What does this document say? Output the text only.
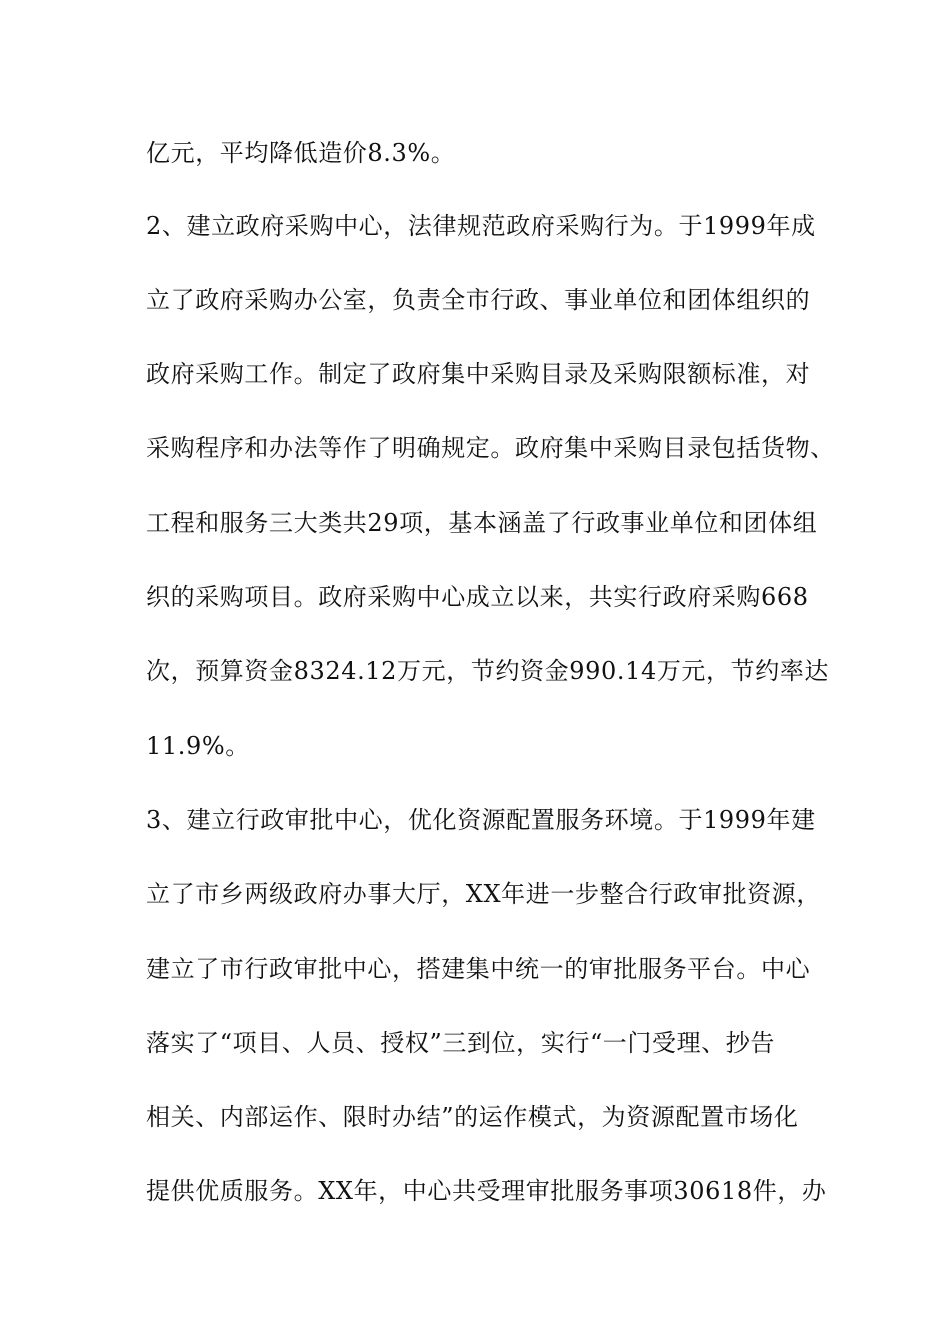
亿元，平均降低造价8.3%。
2、建立政府采购中心，法律规范政府采购行为。于1999年成
立了政府采购办公室，负责全市行政、事业单位和团体组织的
政府采购工作。制定了政府集中采购目录及采购限额标准，对
采购程序和办法等作了明确规定。政府集中采购目录包括货物、
工程和服务三大类共29项，基本涵盖了行政事业单位和团体组
织的采购项目。政府采购中心成立以来，共实行政府采购668
次，预算资金8324.12万元，节约资金990.14万元，节约率达
11.9%。
3、建立行政审批中心，优化资源配置服务环境。于1999年建
立了市乡两级政府办事大厅，XX年进一步整合行政审批资源，
建立了市行政审批中心，搭建集中统一的审批服务平台。中心
落实了“项目、人员、授权”三到位，实行“一门受理、抄告
相关、内部运作、限时办结”的运作模式，为资源配置市场化
提供优质服务。XX年，中心共受理审批服务事项30618件，办
